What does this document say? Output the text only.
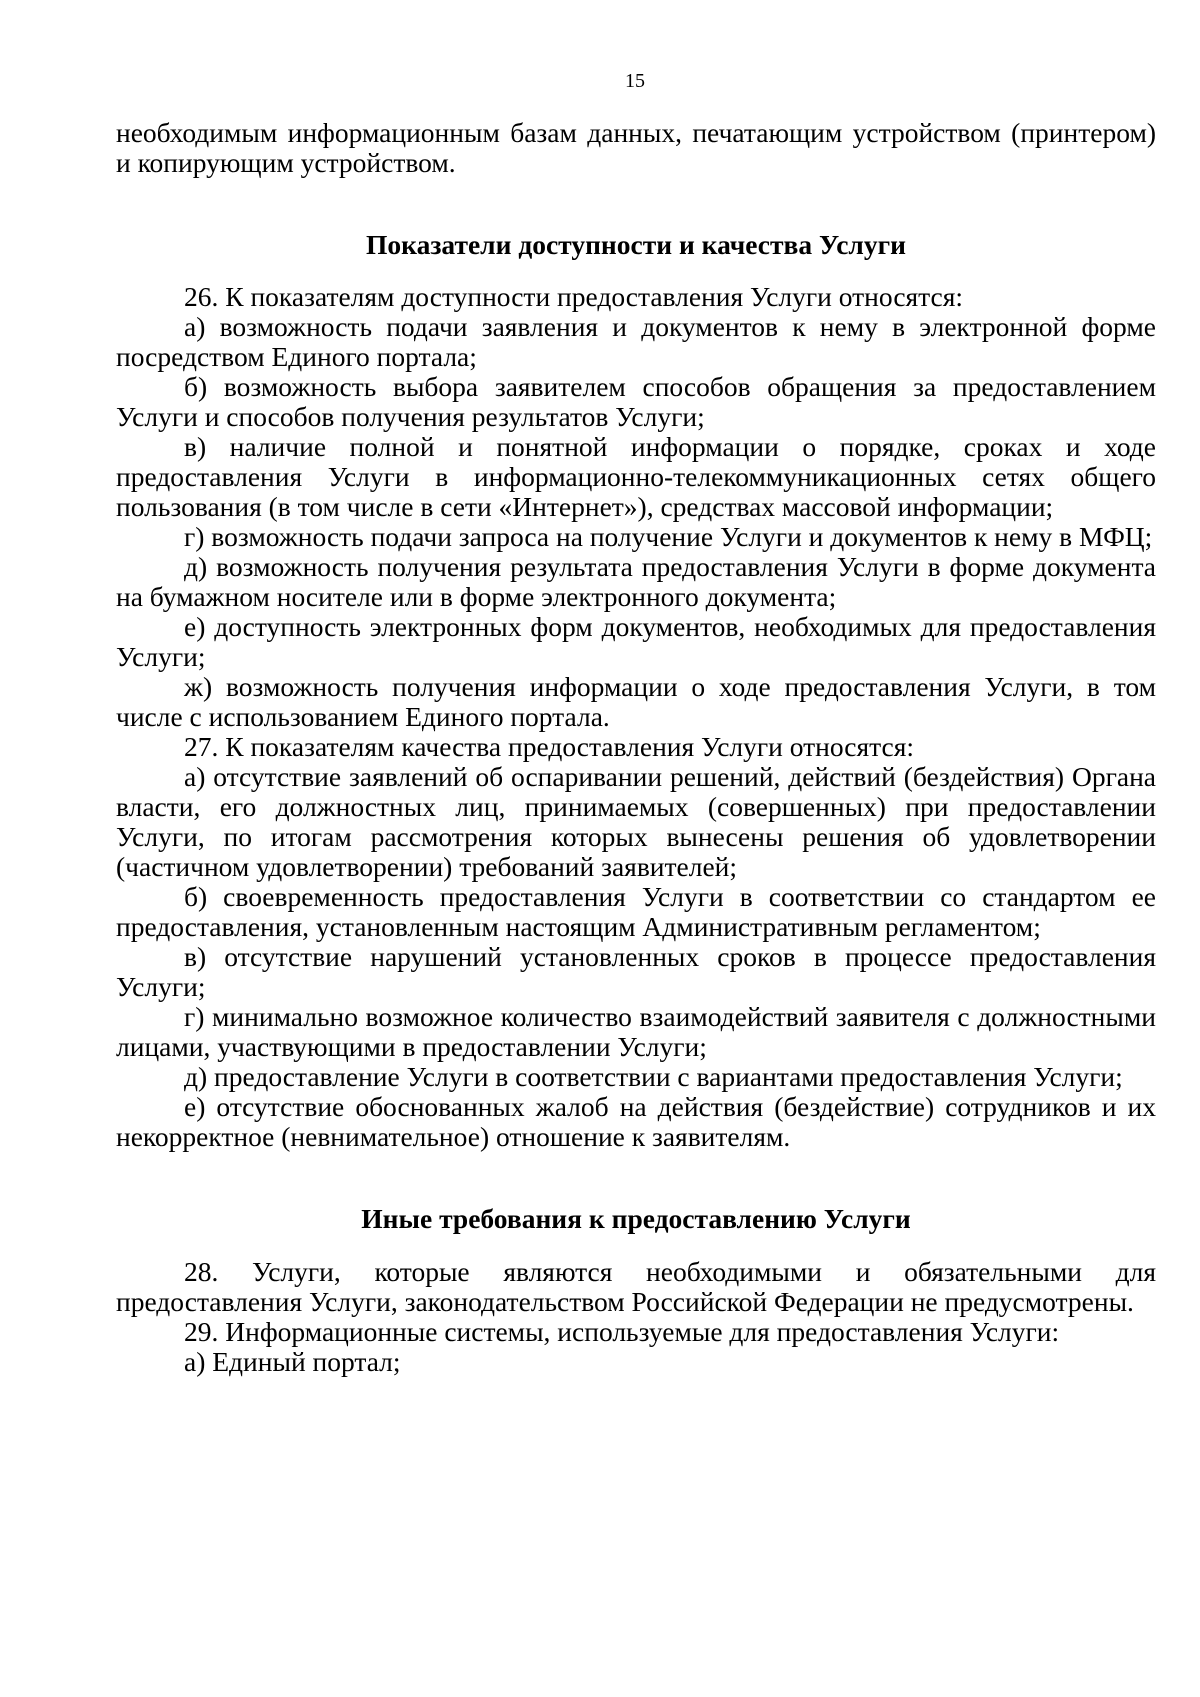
15

необходимым информационным базам данных, печатающим устройством (принтером) и копирующим устройством.

Показатели доступности и качества Услуги

26. К показателям доступности предоставления Услуги относятся:

а) возможность подачи заявления и документов к нему в электронной форме посредством Единого портала;

б) возможность выбора заявителем способов обращения за предоставлением Услуги и способов получения результатов Услуги;

в) наличие полной и понятной информации о порядке, сроках и ходе предоставления Услуги в информационно-телекоммуникационных сетях общего пользования (в том числе в сети «Интернет»), средствах массовой информации;

г) возможность подачи запроса на получение Услуги и документов к нему в МФЦ;

д) возможность получения результата предоставления Услуги в форме документа на бумажном носителе или в форме электронного документа;

е) доступность электронных форм документов, необходимых для предоставления Услуги;

ж) возможность получения информации о ходе предоставления Услуги, в том числе с использованием Единого портала.

27. К показателям качества предоставления Услуги относятся:

а) отсутствие заявлений об оспаривании решений, действий (бездействия) Органа власти, его должностных лиц, принимаемых (совершенных) при предоставлении Услуги, по итогам рассмотрения которых вынесены решения об удовлетворении (частичном удовлетворении) требований заявителей;

б) своевременность предоставления Услуги в соответствии со стандартом ее предоставления, установленным настоящим Административным регламентом;

в) отсутствие нарушений установленных сроков в процессе предоставления Услуги;

г) минимально возможное количество взаимодействий заявителя с должностными лицами, участвующими в предоставлении Услуги;

д) предоставление Услуги в соответствии с вариантами предоставления Услуги;

е) отсутствие обоснованных жалоб на действия (бездействие) сотрудников и их некорректное (невнимательное) отношение к заявителям.

Иные требования к предоставлению Услуги

28. Услуги, которые являются необходимыми и обязательными для предоставления Услуги, законодательством Российской Федерации не предусмотрены.

29. Информационные системы, используемые для предоставления Услуги:

а) Единый портал;
